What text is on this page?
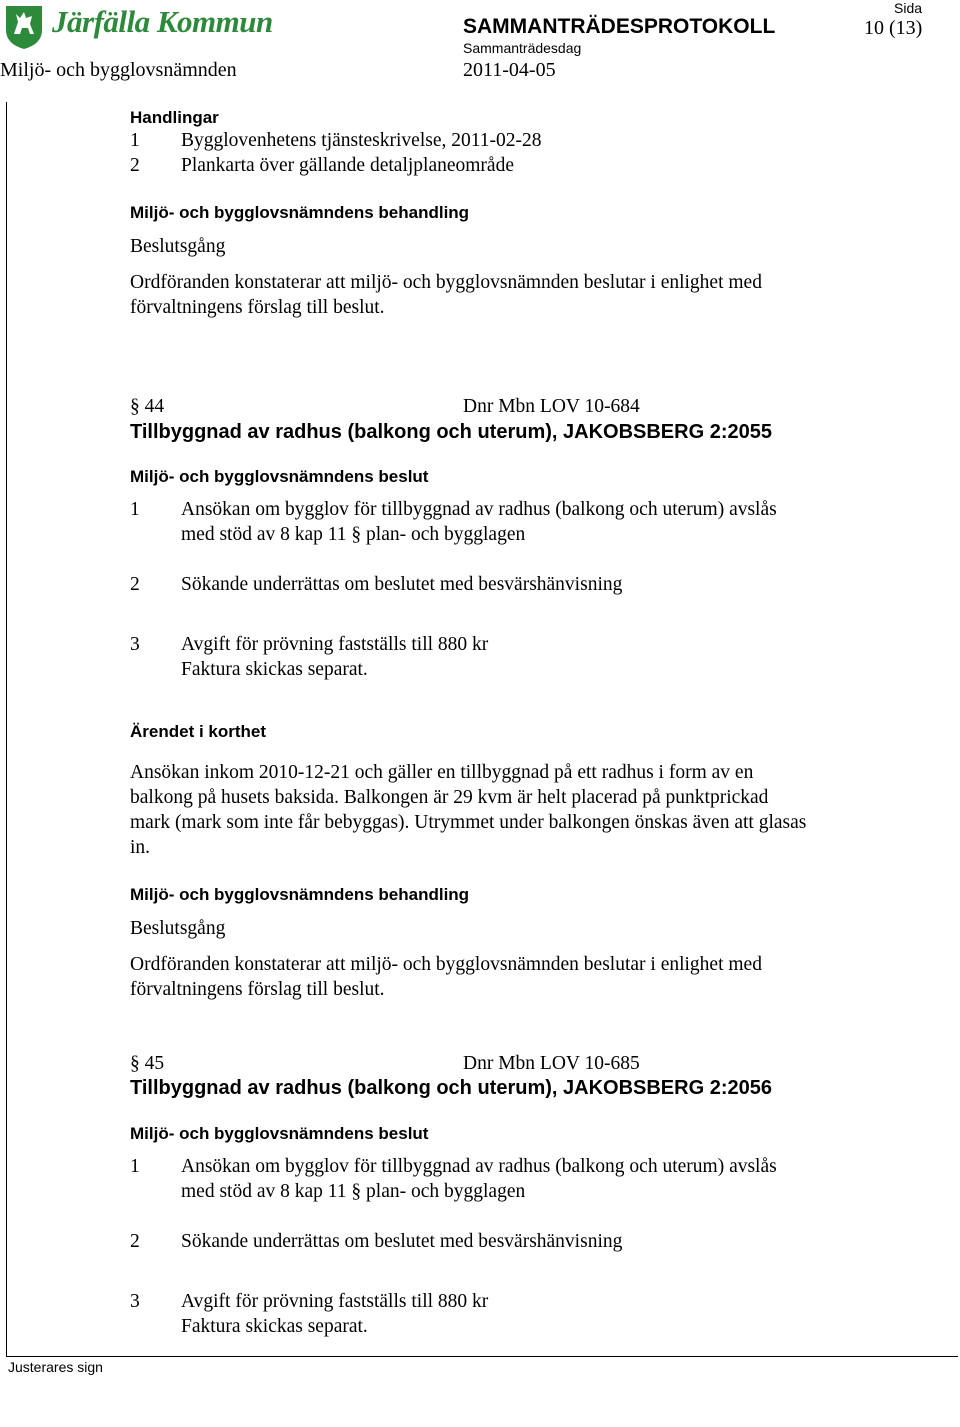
Järfälla Kommun	SAMMANTRÄDESPROTOKOLL
Sammanträdesdag
Sida
10 (13)
Miljö- och bygglovsnämnden	2011-04-05
Handlingar
1 Bygglovenhetens tjänsteskrivelse, 2011-02-28
2 Plankarta över gällande detaljplaneområde
Miljö- och bygglovsnämndens behandling
Beslutsgång
Ordföranden konstaterar att miljö- och bygglovsnämnden beslutar i enlighet med
förvaltningens förslag till beslut.
§ 44	Dnr Mbn LOV 10-684
Tillbyggnad av radhus (balkong och uterum), JAKOBSBERG 2:2055
Miljö- och bygglovsnämndens beslut
1 Ansökan om bygglov för tillbyggnad av radhus (balkong och uterum) avslås
med stöd av 8 kap 11 § plan- och bygglagen
2 Sökande underrättas om beslutet med besvärshänvisning
3 Avgift för prövning fastställs till 880 kr
Faktura skickas separat.
Ärendet i korthet
Ansökan inkom 2010-12-21 och gäller en tillbyggnad på ett radhus i form av en
balkong på husets baksida. Balkongen är 29 kvm är helt placerad på punktprickad
mark (mark som inte får bebyggas). Utrymmet under balkongen önskas även att glasas
in.
Miljö- och bygglovsnämndens behandling
Beslutsgång
Ordföranden konstaterar att miljö- och bygglovsnämnden beslutar i enlighet med
förvaltningens förslag till beslut.
§ 45	Dnr Mbn LOV 10-685
Tillbyggnad av radhus (balkong och uterum), JAKOBSBERG 2:2056
Miljö- och bygglovsnämndens beslut
1 Ansökan om bygglov för tillbyggnad av radhus (balkong och uterum) avslås
med stöd av 8 kap 11 § plan- och bygglagen
2 Sökande underrättas om beslutet med besvärshänvisning
3 Avgift för prövning fastställs till 880 kr
Faktura skickas separat.
Justerares sign
